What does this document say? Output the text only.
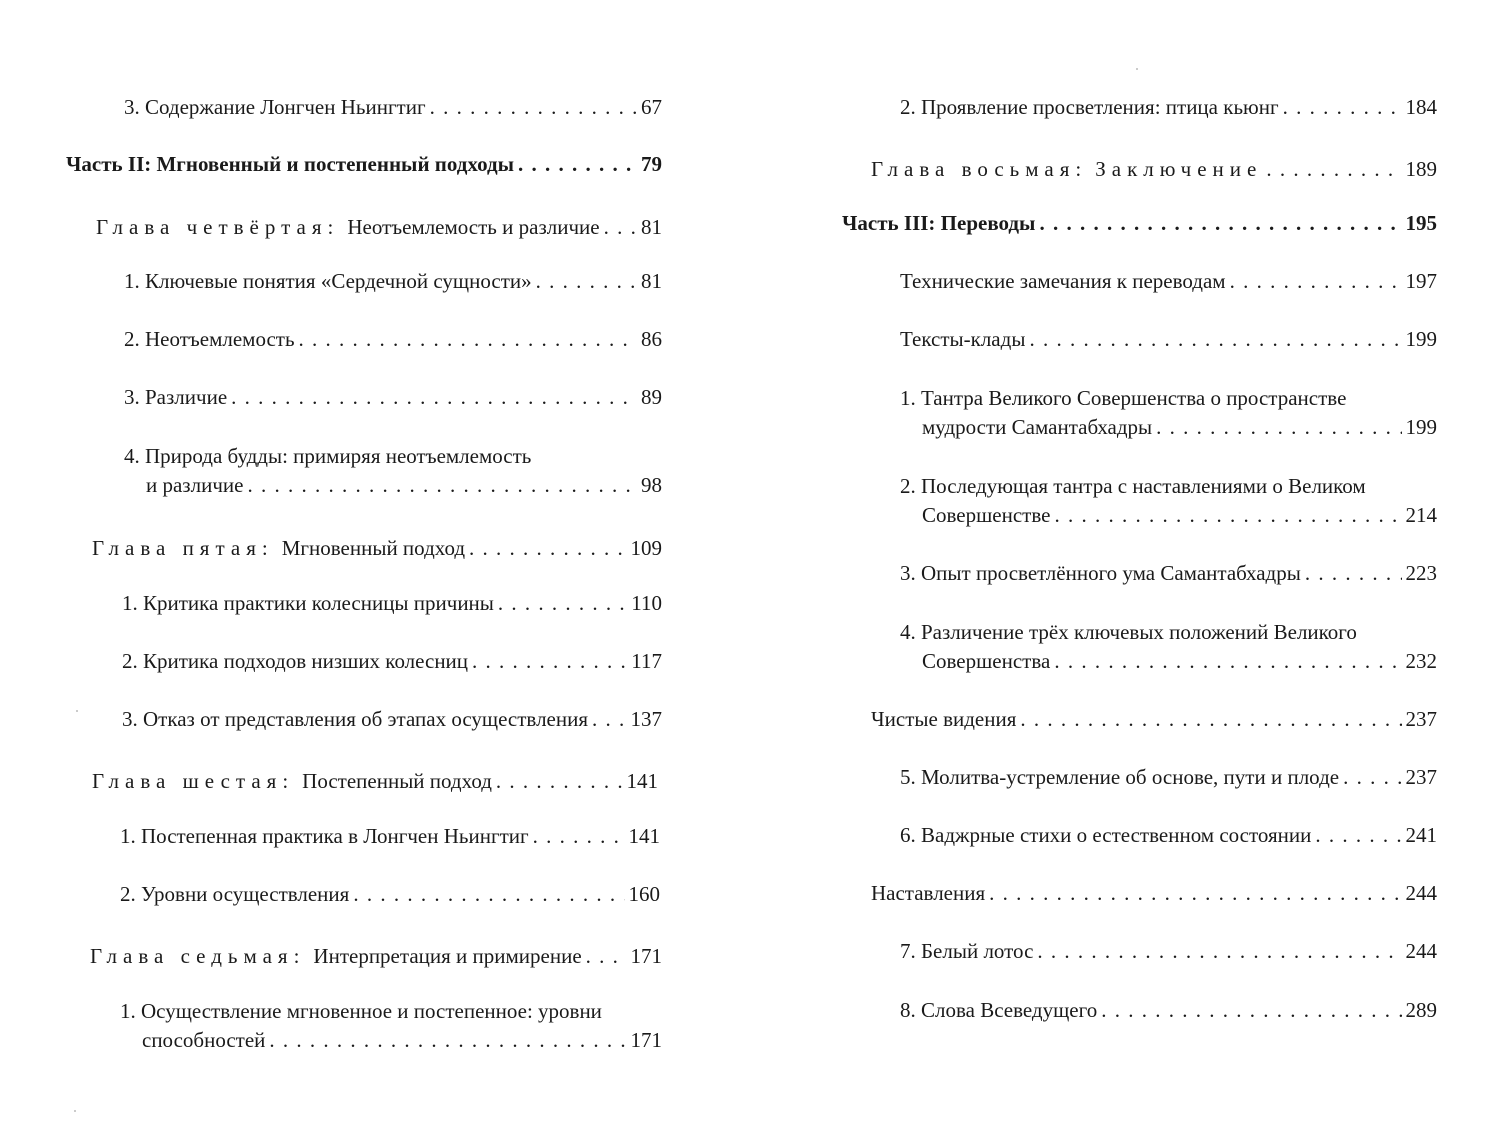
3. Содержание Лонгчен Ньингтиг . . .	67
Часть II: Мгновенный и постепенный подходы . . .	79
Глава четвёртая: Неотъемлемость и различие . . . 81
1. Ключевые понятия «Сердечной сущности» . . .	81
2. Неотъемлемость . . .	86
3. Различие . . .	89
4. Природа будды: примиряя неотъемлемость
и различие . . .	98
Глава пятая: Мгновенный подход . . .	109
1. Критика практики колесницы причины . . .	110
2. Критика подходов низших колесниц . . .	117
3. Отказ от представления об этапах осуществления . . . 137
Глава шестая: Постепенный подход . . .	141
1. Постепенная практика в Лонгчен Ньингтиг . . .	141
2. Уровни осуществления . . .	160
Глава седьмая: Интерпретация и примирение . . . 171
1. Осуществление мгновенное и постепенное: уровни
способностей . . .	171
2. Проявление просветления: птица кьюнг . . .	184
Глава восьмая: Заключение . . .	189
Часть III: Переводы . . .	195
Технические замечания к переводам . . .	197
Тексты-клады . . .	199
1. Тантра Великого Совершенства о пространстве
мудрости Самантабхадры . . .	199
2. Последующая тантра с наставлениями о Великом
Совершенстве . . .	214
3. Опыт просветлённого ума Самантабхадры . . .	223
4. Различение трёх ключевых положений Великого
Совершенства . . .	232
Чистые видения . . .	237
5. Молитва-устремление об основе, пути и плоде . . .	237
6. Ваджрные стихи о естественном состоянии . . .	241
Наставления . . .	244
7. Белый лотос . . .	244
8. Слова Всеведущего . . .	289
